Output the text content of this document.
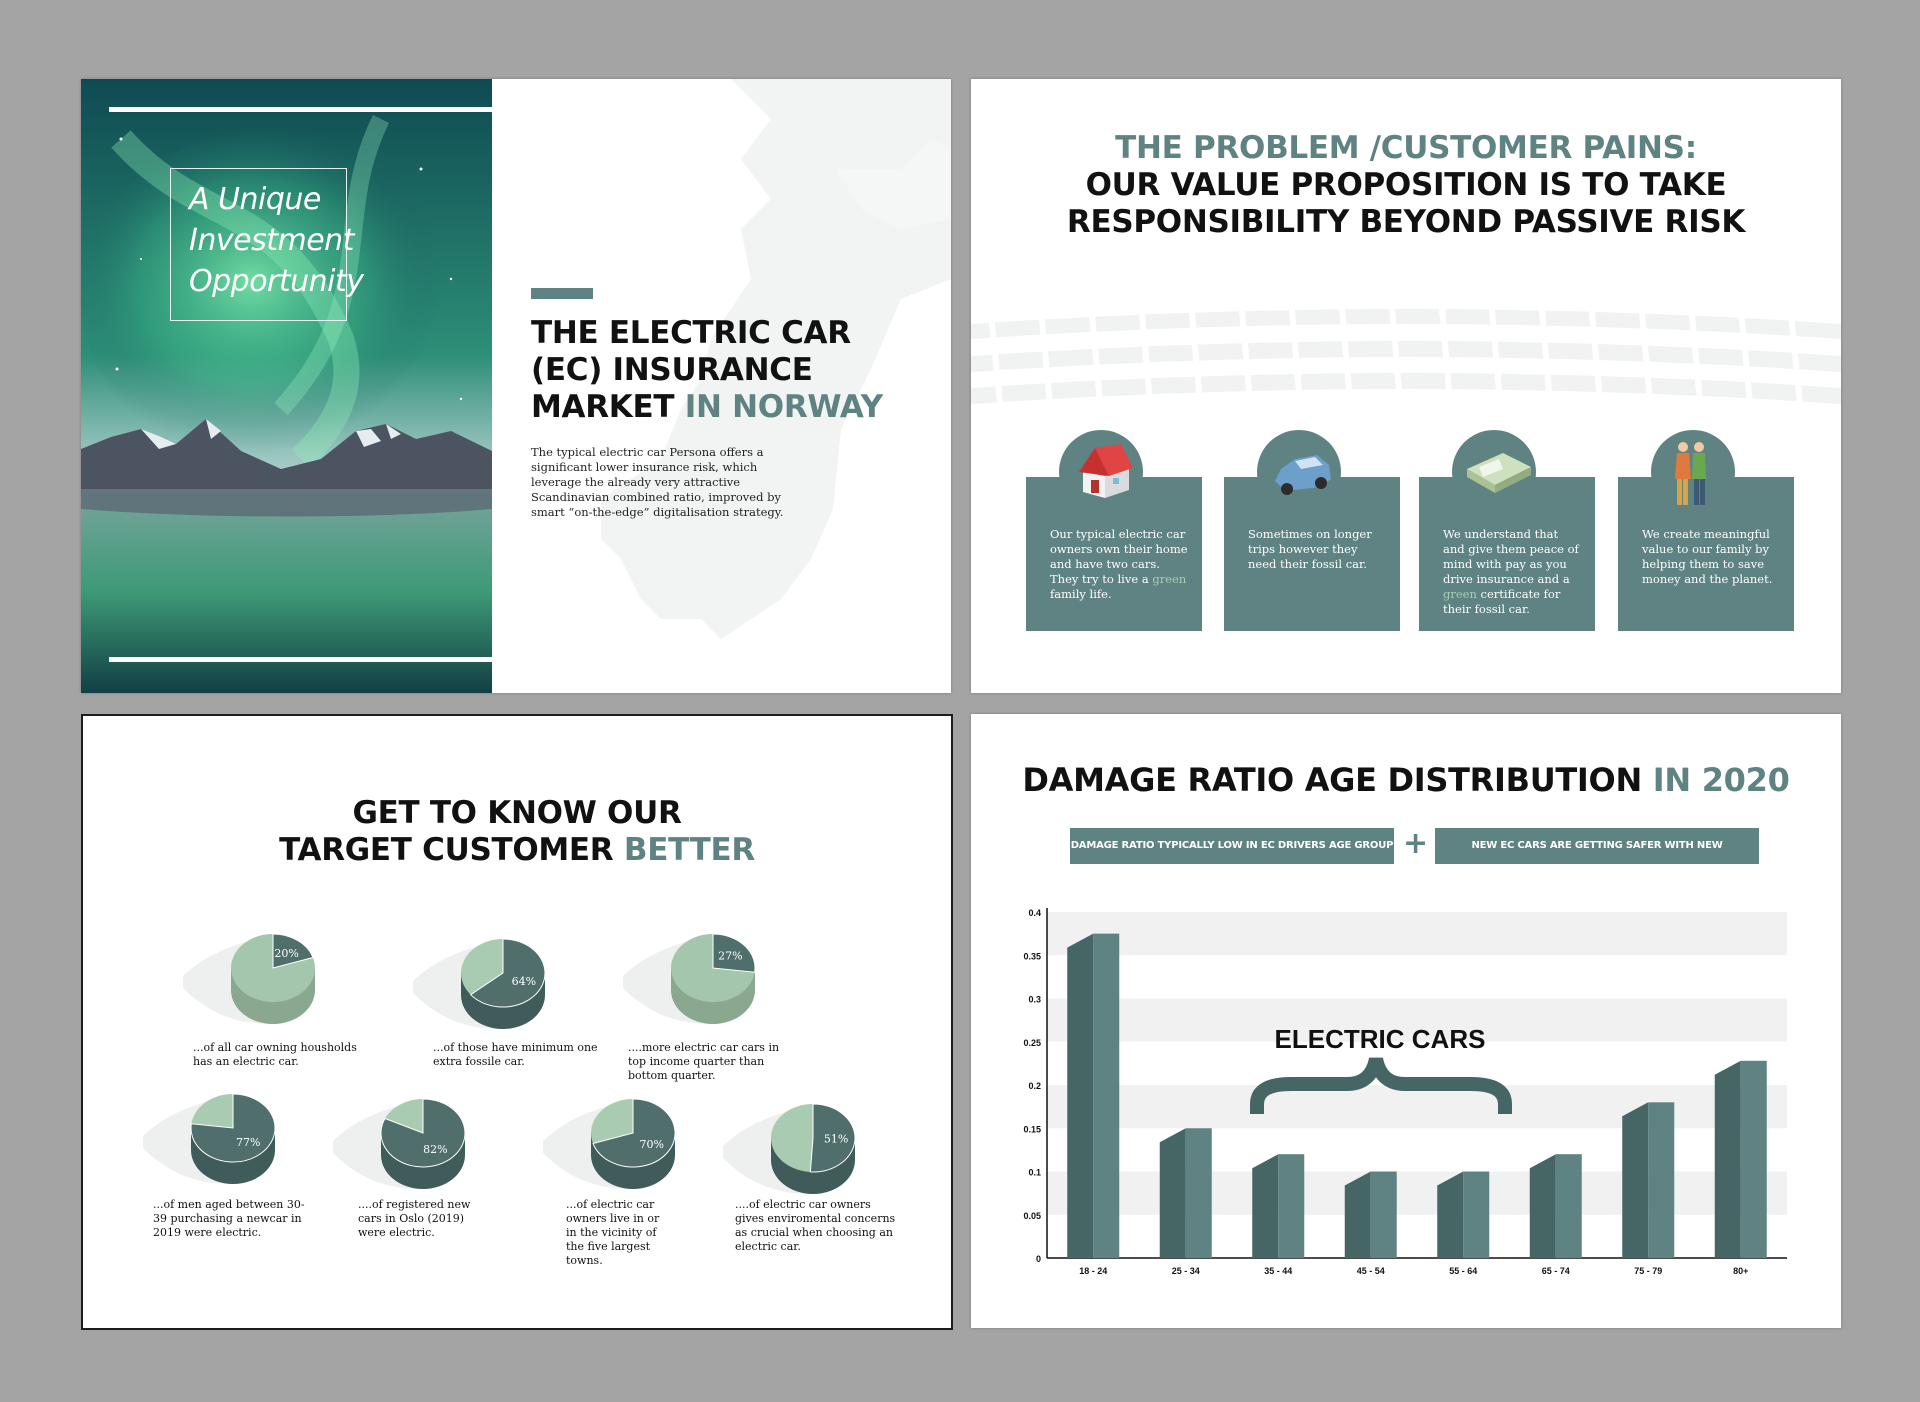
A Unique Investment Opportunity
THE ELECTRIC CAR (EC) INSURANCE MARKET IN NORWAY
The typical electric car Persona offers a significant lower insurance risk, which leverage the already very attractive Scandinavian combined ratio, improved by smart “on-the-edge” digitalisation strategy.
THE PROBLEM /CUSTOMER PAINS:
OUR VALUE PROPOSITION IS TO TAKE
RESPONSIBILITY BEYOND PASSIVE RISK
Our typical electric car owners own their home and have two cars. They try to live a green family life.
Sometimes on longer trips however they need their fossil car.
We understand that and give them peace of mind with pay as you drive insurance and a green certificate for their fossil car.
We create meaningful value to our family by helping them to save money and the planet.
GET TO KNOW OUR
TARGET CUSTOMER BETTER
20%
...of all car owning housholds has an electric car.
64%
...of those have minimum one extra fossile car.
27%
....more electric car cars in top income quarter than bottom quarter.
77%
...of men aged between 30-39 purchasing a newcar in 2019 were electric.
82%
....of registered new cars in Oslo (2019) were electric.
70%
...of electric car owners live in or in the vicinity of the five largest towns.
51%
....of electric car owners gives enviromental concerns as crucial when choosing an electric car.
DAMAGE RATIO AGE DISTRIBUTION IN 2020
DAMAGE RATIO TYPICALLY LOW IN EC DRIVERS AGE GROUP +	NEW EC CARS ARE GETTING SAFER WITH NEW TECHNOLOGY
0
0.05
0.1
0.15
0.2
0.25
0.3
0.35
0.4
18 - 24	25 - 34	35 - 44	45 - 54	55 - 64	65 - 74	75 - 79	80+
ELECTRIC CARS
